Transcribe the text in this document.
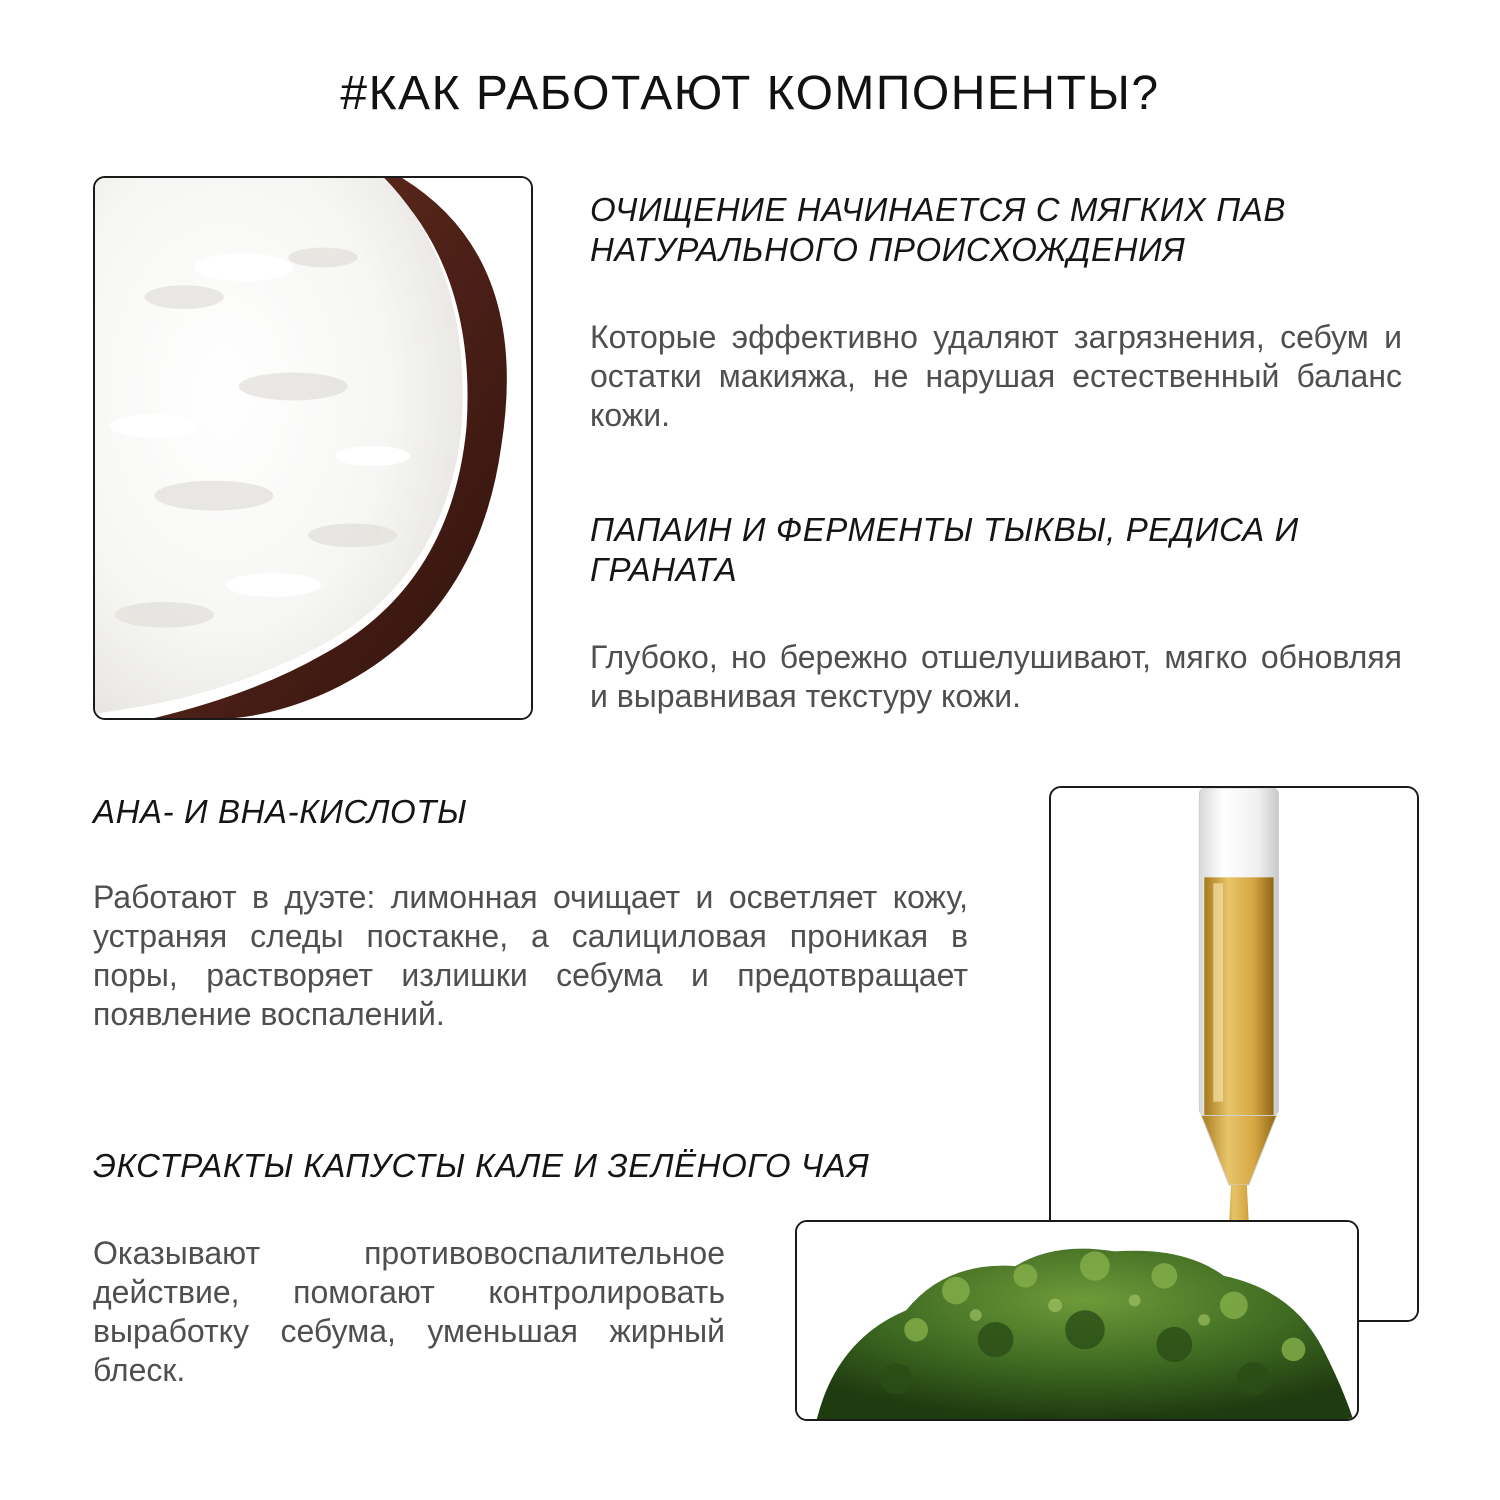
#КАК РАБОТАЮТ КОМПОНЕНТЫ?
ОЧИЩЕНИЕ НАЧИНАЕТСЯ С МЯГКИХ ПАВ НАТУРАЛЬНОГО ПРОИСХОЖДЕНИЯ
Которые эффективно удаляют загрязнения, себум и остатки макияжа, не нарушая естественный баланс кожи.
ПАПАИН И ФЕРМЕНТЫ ТЫКВЫ, РЕДИСА И ГРАНАТА
Глубоко, но бережно отшелушивают, мягко обновляя и выравнивая текстуру кожи.
AHA- И BHA-КИСЛОТЫ
Работают в дуэте: лимонная очищает и осветляет кожу, устраняя следы постакне, а салициловая проникая в поры, растворяет излишки себума и предотвращает появление воспалений.
ЭКСТРАКТЫ КАПУСТЫ КАЛЕ И ЗЕЛЁНОГО ЧАЯ
Оказывают противовоспалительное действие, помогают контролировать выработку себума, уменьшая жирный блеск.
